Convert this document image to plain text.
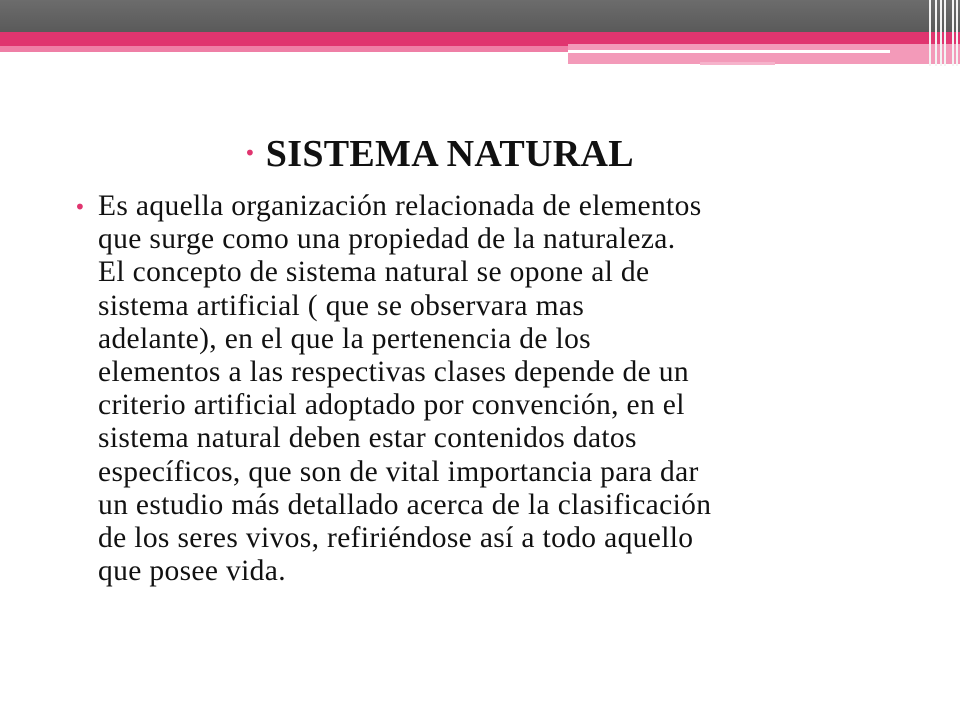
• SISTEMA NATURAL
• Es aquella organización relacionada de elementos
que surge como una propiedad de la naturaleza.
El concepto de sistema natural se opone al de
sistema artificial ( que se observara mas
adelante), en el que la pertenencia de los
elementos a las respectivas clases depende de un
criterio artificial adoptado por convención, en el
sistema natural deben estar contenidos datos
específicos, que son de vital importancia para dar
un estudio más detallado acerca de la clasificación
de los seres vivos, refiriéndose así a todo aquello
que posee vida.
